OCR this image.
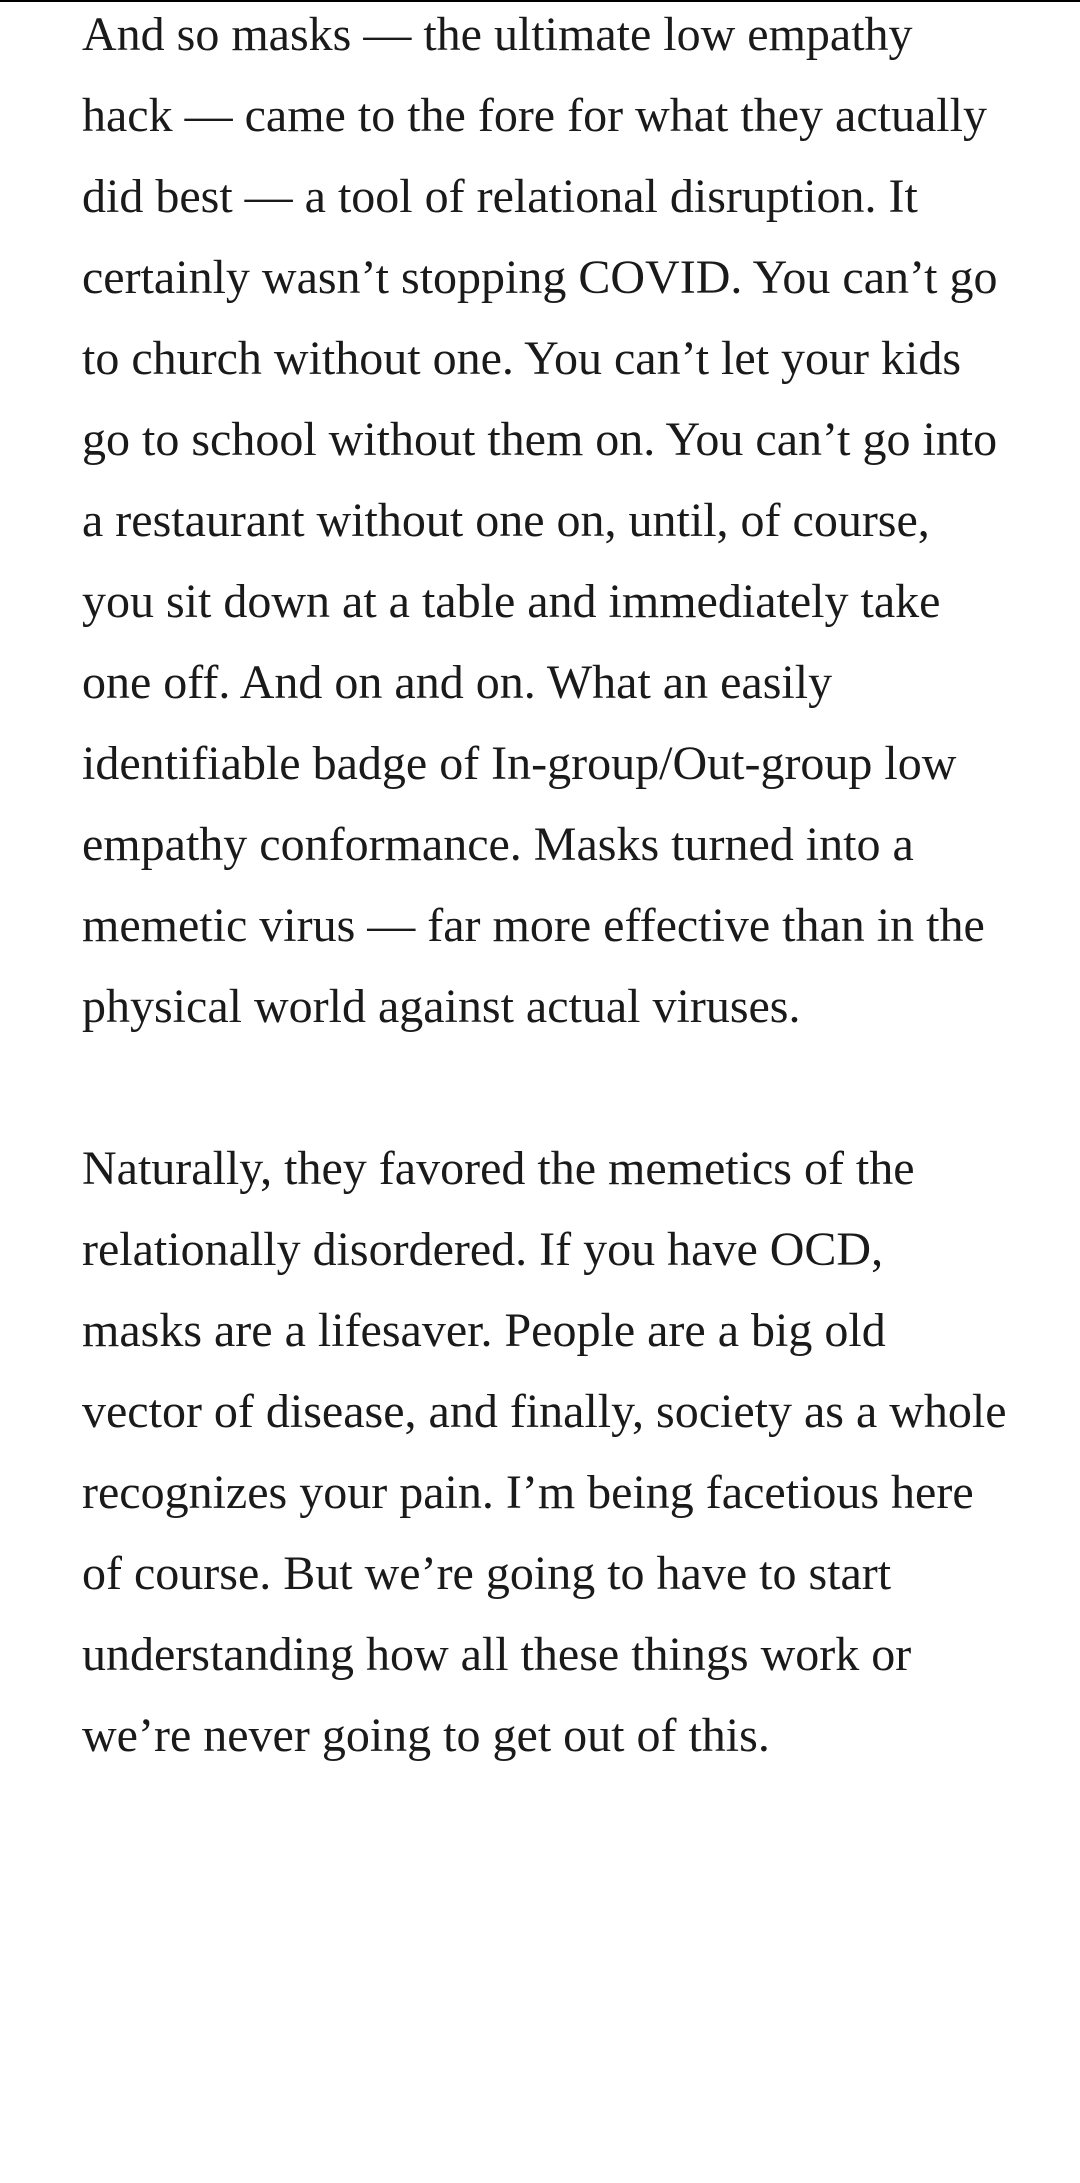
And so masks — the ultimate low empathy hack — came to the fore for what they actually did best — a tool of relational disruption. It certainly wasn’t stopping COVID. You can’t go to church without one. You can’t let your kids go to school without them on. You can’t go into a restaurant without one on, until, of course, you sit down at a table and immediately take one off. And on and on. What an easily identifiable badge of In-group/Out-group low empathy conformance. Masks turned into a memetic virus — far more effective than in the physical world against actual viruses.

Naturally, they favored the memetics of the relationally disordered. If you have OCD, masks are a lifesaver. People are a big old vector of disease, and finally, society as a whole recognizes your pain. I’m being facetious here of course. But we’re going to have to start understanding how all these things work or we’re never going to get out of this.
